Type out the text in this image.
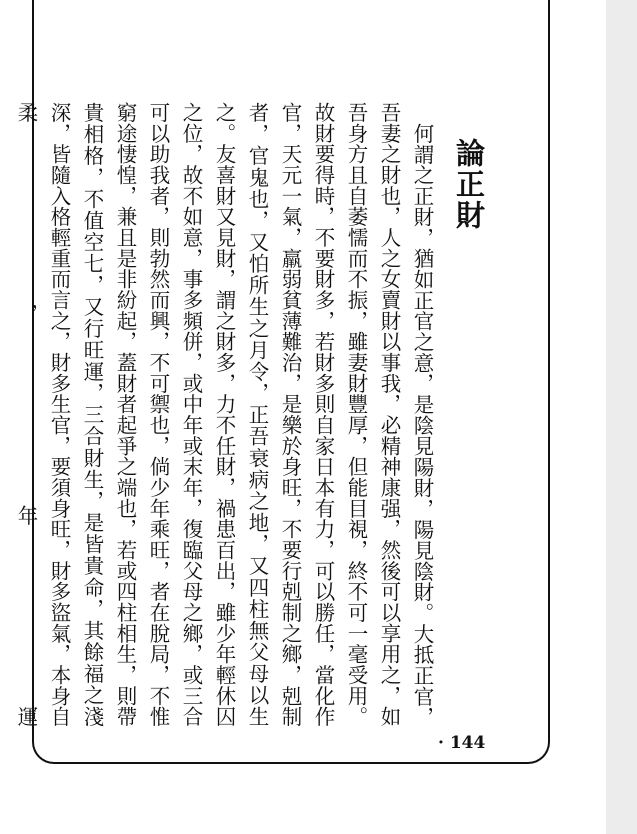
論正財

何謂之正財，猶如正官之意，是陰見陽財，陽見陰財。大抵正官，吾妻之財也，人之女賣財以事我，必精神康强，然後可以享用之，如吾身方且自萎懦而不振，雖妻財豐厚，但能目視，終不可一毫受用。故財要得時，不要財多，若財多則自家日本有力，可以勝任，當化作官，天元一氣，羸弱貧薄難治，是樂於身旺，不要行剋制之鄉，剋制者，官鬼也，又怕所生之月令，正吾衰病之地，又四柱無父母以生之。友喜財又見財，謂之財多，力不任財，禍患百出，雖少年輕休囚之位，故不如意，事多頻併，或中年或末年，復臨父母之鄉，或三合可以助我者，則勃然而興，不可禦也，倘少年乘旺，者在脫局，不惟窮途悽惶，兼且是非紛起，蓋財者起爭之端也，若或四柱相生，則帶貴相格，不值空七，又行旺運，三合財生，是皆貴命，其餘福之淺深，皆隨入格輕重而言之，財多生官，要須身旺，財多盜氣，本身自柔，年運

· 144
